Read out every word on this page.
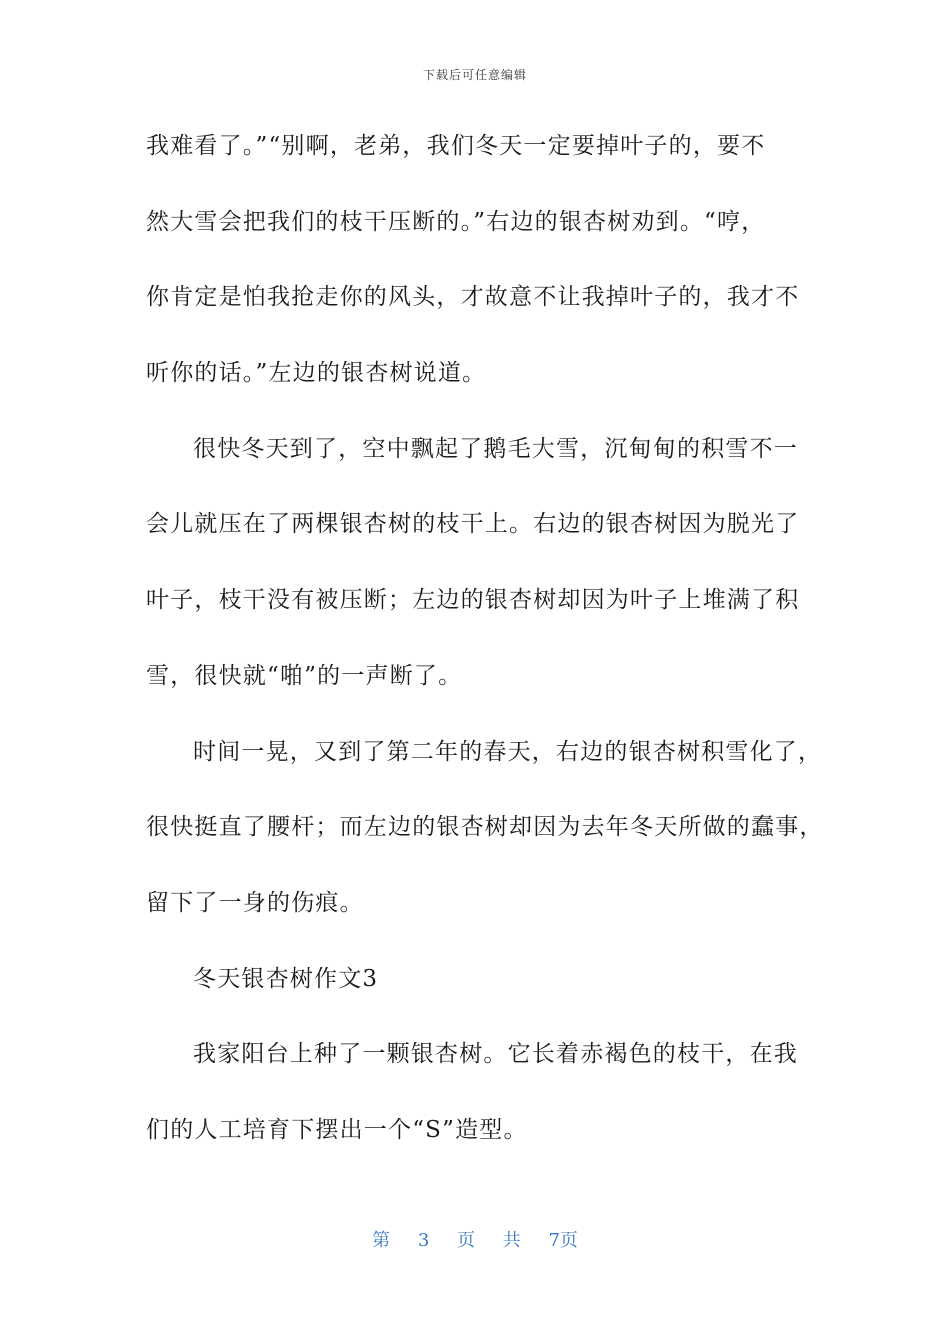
下载后可任意编辑
我难看了。”“别啊，老弟，我们冬天一定要掉叶子的，要不
然大雪会把我们的枝干压断的。”右边的银杏树劝到。“哼，
你肯定是怕我抢走你的风头，才故意不让我掉叶子的，我才不
听你的话。”左边的银杏树说道。
很快冬天到了，空中飘起了鹅毛大雪，沉甸甸的积雪不一
会儿就压在了两棵银杏树的枝干上。右边的银杏树因为脱光了
叶子，枝干没有被压断；左边的银杏树却因为叶子上堆满了积
雪，很快就“啪”的一声断了。
时间一晃，又到了第二年的春天，右边的银杏树积雪化了，
很快挺直了腰杆；而左边的银杏树却因为去年冬天所做的蠢事，
留下了一身的伤痕。
冬天银杏树作文3
我家阳台上种了一颗银杏树。它长着赤褐色的枝干，在我
们的人工培育下摆出一个“S”造型。
第 3 页 共 7页
